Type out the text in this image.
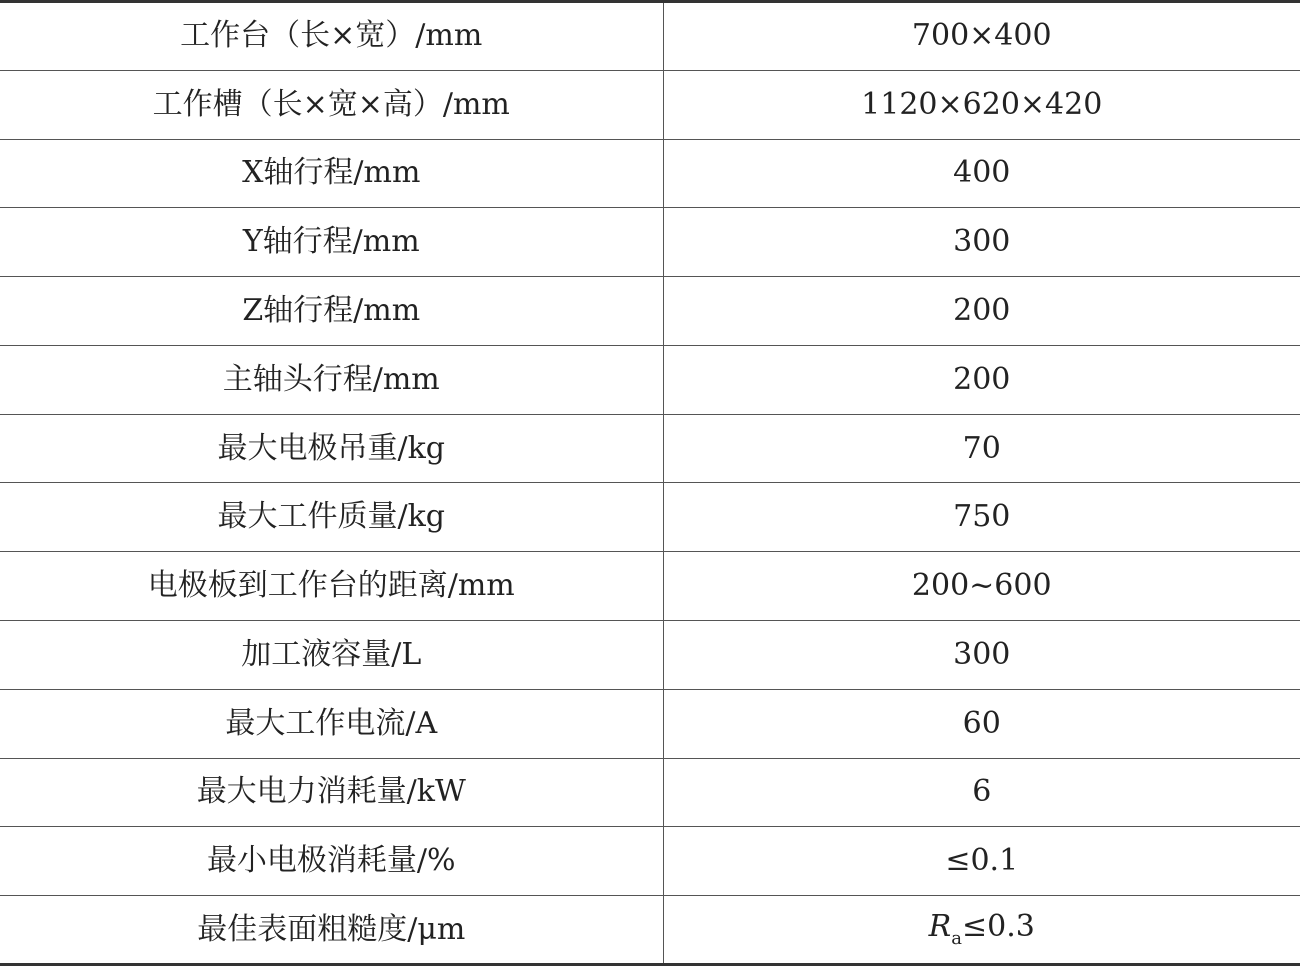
工作台（长×宽）/mm	700×400
工作槽（长×宽×高）/mm	1120×620×420
X轴行程/mm	400
Y轴行程/mm	300
Z轴行程/mm	200
主轴头行程/mm	200
最大电极吊重/kg	70
最大工件质量/kg	750
电极板到工作台的距离/mm	200~600
加工液容量/L	300
最大工作电流/A	60
最大电力消耗量/kW	6
最小电极消耗量/%	≤0.1
最佳表面粗糙度/μm	$R_a\le 0.3$
